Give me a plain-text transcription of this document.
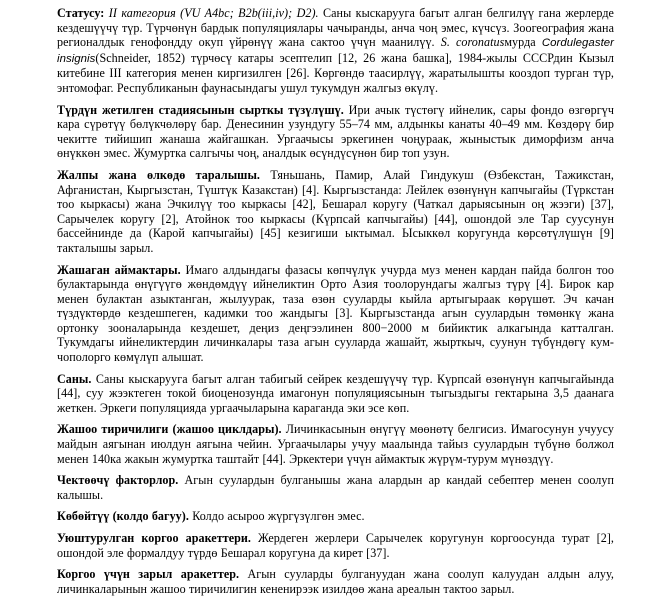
Статусу: II категория (VU A4bc; B2b(iii,iv); D2). Саны кыскарууга багыт алган белгилүү гана жерлерде кездешүүчү түр. Түрчөнүн бардык популяциялары чачыранды, анча чоң эмес, күчсүз. Зоогеография жана регионалдык генофондду окуп үйрөнүү жана сактоо үчүн маанилүү. S. coronatusмурда Cordulegaster insignis(Schneider, 1852) түрчөсү катары эсептелип [12, 26 жана башка], 1984-жылы СССРдин Кызыл китебине III категория менен киргизилген [26]. Көргөндө таасирлүү, жаратылышты кооздоп турган түр, энтомофаг. Республиканын фаунасындагы ушул тукумдун жалгыз өкүлү.

Түрдүн жетилген стадиясынын сырткы түзүлүшү. Ири ачык түстөгү ийнелик, сары фондо өзгөргүч кара сүрөтүү бөлүкчөлөрү бар. Денесинин узундугу 55–74 мм, алдынкы канаты 40–49 мм. Көздөрү бир чекитте тийишип жанаша жайгашкан. Ургаачысы эркегинен чоңураак, жыныстык диморфизм анча өнүккөн эмес. Жумуртка салгычы чоң, аналдык өсүндүсүнөн бир топ узун.

Жалпы жана өлкөдө таралышы. Тяньшань, Памир, Алай Гиндукуш (Өзбекстан, Тажикстан, Афганистан, Кыргызстан, Түштүк Казакстан) [4]. Кыргызстанда: Лейлек өзөнүнүн капчыгайы (Түркстан тоо кыркасы) жана Эчкилүү тоо кыркасы [42], Бешарал коругу (Чаткал дарыясынын оң жээги) [37], Сарычелек коругу [2], Атойнок тоо кыркасы (Күрпсай капчыгайы) [44], ошондой эле Тар суусунун бассейниндe да (Карой капчыгайы) [45] кезигиши ыктымал. Ысыккөл коругунда көрсөтүлүшүн [9] такталышы зарыл.

Жашаган аймактары. Имаго алдындагы фазасы көпчүлүк учурда муз менен кардан пайда болгон тоо булактарында өнүгүүгө жөндөмдүү ийнеликтин Орто Азия тоолорундагы жалгыз түрү [4]. Бирок кар менен булактан азыктанган, жылуурак, таза өзөн сууларды кыйла артыгыраак көрүшөт. Эч качан түздүктөрдө кездешпеген, кадимки тоо жандыгы [3]. Кыргызстанда агын суулардын төмөнкү жана ортонку зооналарында кездешет, деңиз деңгээлинен 800−2000 м бийиктик алкагында катталган. Тукумдагы ийнеликтердин личинкалары таза агын сууларда жашайт, жырткыч, суунун түбүндөгү кум-чополорго көмүлүп алышат.

Саны. Саны кыскарууга багыт алган табигый сейрек кездешүүчү түр. Күрпсай өзөнүнүн капчыгайында [44], суу жээктеген токой биоценозунда имагонун популяциясынын тыгыздыгы гектарына 3,5 даанага жеткен. Эркеги популяцияда ургаачыларына караганда эки эсе көп.

Жашоо тиричилиги (жашоо циклдары). Личинкасынын өнүгүү мөөнөтү белгисиз. Имагосунун учуусу майдын аягынан июлдун аягына чейин. Ургаачылары учуу маалында тайыз суулардын түбүнө болжол менен 140ка жакын жумуртка таштайт [44]. Эркектери үчүн аймактык жүрүм-турум мүнөздүү.

Чектөөчү факторлор. Агын суулардын булганышы жана алардын ар кандай себептер менен соолуп калышы.

Көбөйтүү (колдо багуу). Колдо асыроо жүргүзүлгөн эмес.

Уюштурулган коргоо аракеттери. Жердеген жерлери Сарычелек коругунун коргоосунда турат [2], ошондой эле формалдуу түрдө Бешарал коругуна да кирет [37].

Коргоо үчүн зарыл аракеттер. Агын сууларды булгануудан жана соолуп калуудан алдын алуу, личинкаларынын жашоо тиричилигин кененирээк изилдөө жана ареалын тактоо зарыл.
